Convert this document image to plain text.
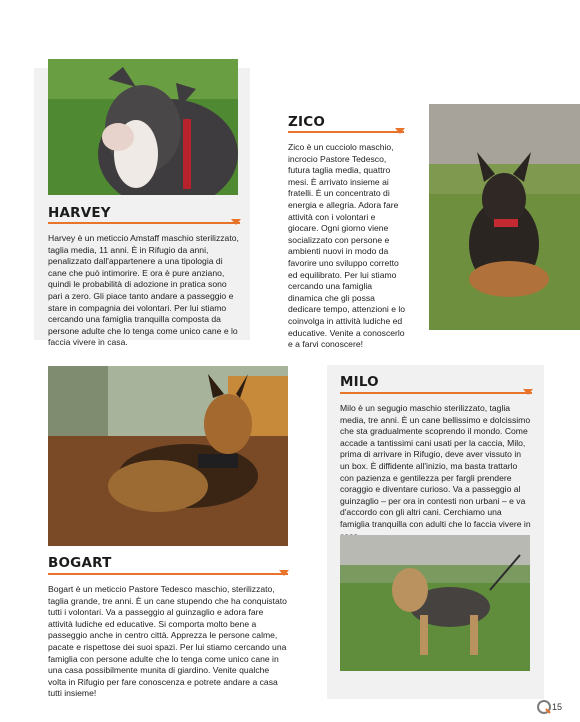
HARVEY

Harvey è un meticcio Amstaff maschio sterilizzato, taglia media, 11 anni. È in Rifugio da anni, penalizzato dall'appartenere a una tipologia di cane che può intimorire. E ora è pure anziano, quindi le probabilità di adozione in pratica sono pari a zero. Gli piace tanto andare a passeggio e stare in compagnia dei volontari. Per lui stiamo cercando una famiglia tranquilla composta da persone adulte che lo tenga come unico cane e lo faccia vivere in casa.

ZICO

Zico è un cucciolo maschio, incrocio Pastore Tedesco, futura taglia media, quattro mesi. È arrivato insieme ai fratelli. È un concentrato di energia e allegria. Adora fare attività con i volontari e giocare. Ogni giorno viene socializzato con persone e ambienti nuovi in modo da favorire uno sviluppo corretto ed equilibrato. Per lui stiamo cercando una famiglia dinamica che gli possa dedicare tempo, attenzioni e lo coinvolga in attività ludiche ed educative. Venite a conoscerlo e a farvi conoscere!

BOGART

Bogart è un meticcio Pastore Tedesco maschio, sterilizzato, taglia grande, tre anni. È un cane stupendo che ha conquistato tutti i volontari. Va a passeggio al guinzaglio e adora fare attività ludiche ed educative. Si comporta molto bene a passeggio anche in centro città. Apprezza le persone calme, pacate e rispettose dei suoi spazi. Per lui stiamo cercando una famiglia con persone adulte che lo tenga come unico cane in una casa possibilmente munita di giardino. Venite qualche volta in Rifugio per fare conoscenza e potrete andare a casa tutti insieme!

MILO

Milo è un segugio maschio sterilizzato, taglia media, tre anni. È un cane bellissimo e dolcissimo che sta gradualmente scoprendo il mondo. Come accade a tantissimi cani usati per la caccia, Milo, prima di arrivare in Rifugio, deve aver vissuto in un box. È diffidente all'inizio, ma basta trattarlo con pazienza e gentilezza per fargli prendere coraggio e diventare curioso. Va a passeggio al guinzaglio – per ora in contesti non urbani – e va d'accordo con gli altri cani. Cerchiamo una famiglia tranquilla con adulti che lo faccia vivere in

15
